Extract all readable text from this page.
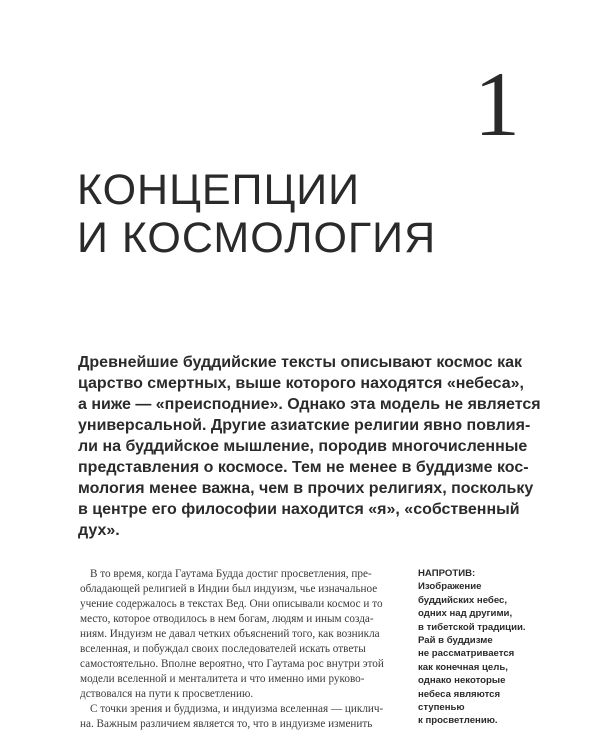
1
КОНЦЕПЦИИ
И КОСМОЛОГИЯ
Древнейшие буддийские тексты описывают космос как
царство смертных, выше которого находятся «небеса»,
а ниже — «преисподние». Однако эта модель не является
универсальной. Другие азиатские религии явно повлия-
ли на буддийское мышление, породив многочисленные
представления о космосе. Тем не менее в буддизме кос-
мология менее важна, чем в прочих религиях, поскольку
в центре его философии находится «я», «собственный
дух».
В то время, когда Гаутама Будда достиг просветления, пре-
обладающей религией в Индии был индуизм, чье изначальное
учение содержалось в текстах Вед. Они описывали космос и то
место, которое отводилось в нем богам, людям и иным созда-
ниям. Индуизм не давал четких объяснений того, как возникла
вселенная, и побуждал своих последователей искать ответы
самостоятельно. Вполне вероятно, что Гаутама рос внутри этой
модели вселенной и менталитета и что именно ими руково-
дствовался на пути к просветлению.
С точки зрения и буддизма, и индуизма вселенная — циклич-
на. Важным различием является то, что в индуизме изменить
НАПРОТИВ:
Изображение
буддийских небес,
одних над другими,
в тибетской традиции.
Рай в буддизме
не рассматривается
как конечная цель,
однако некоторые
небеса являются
ступенью
к просветлению.
